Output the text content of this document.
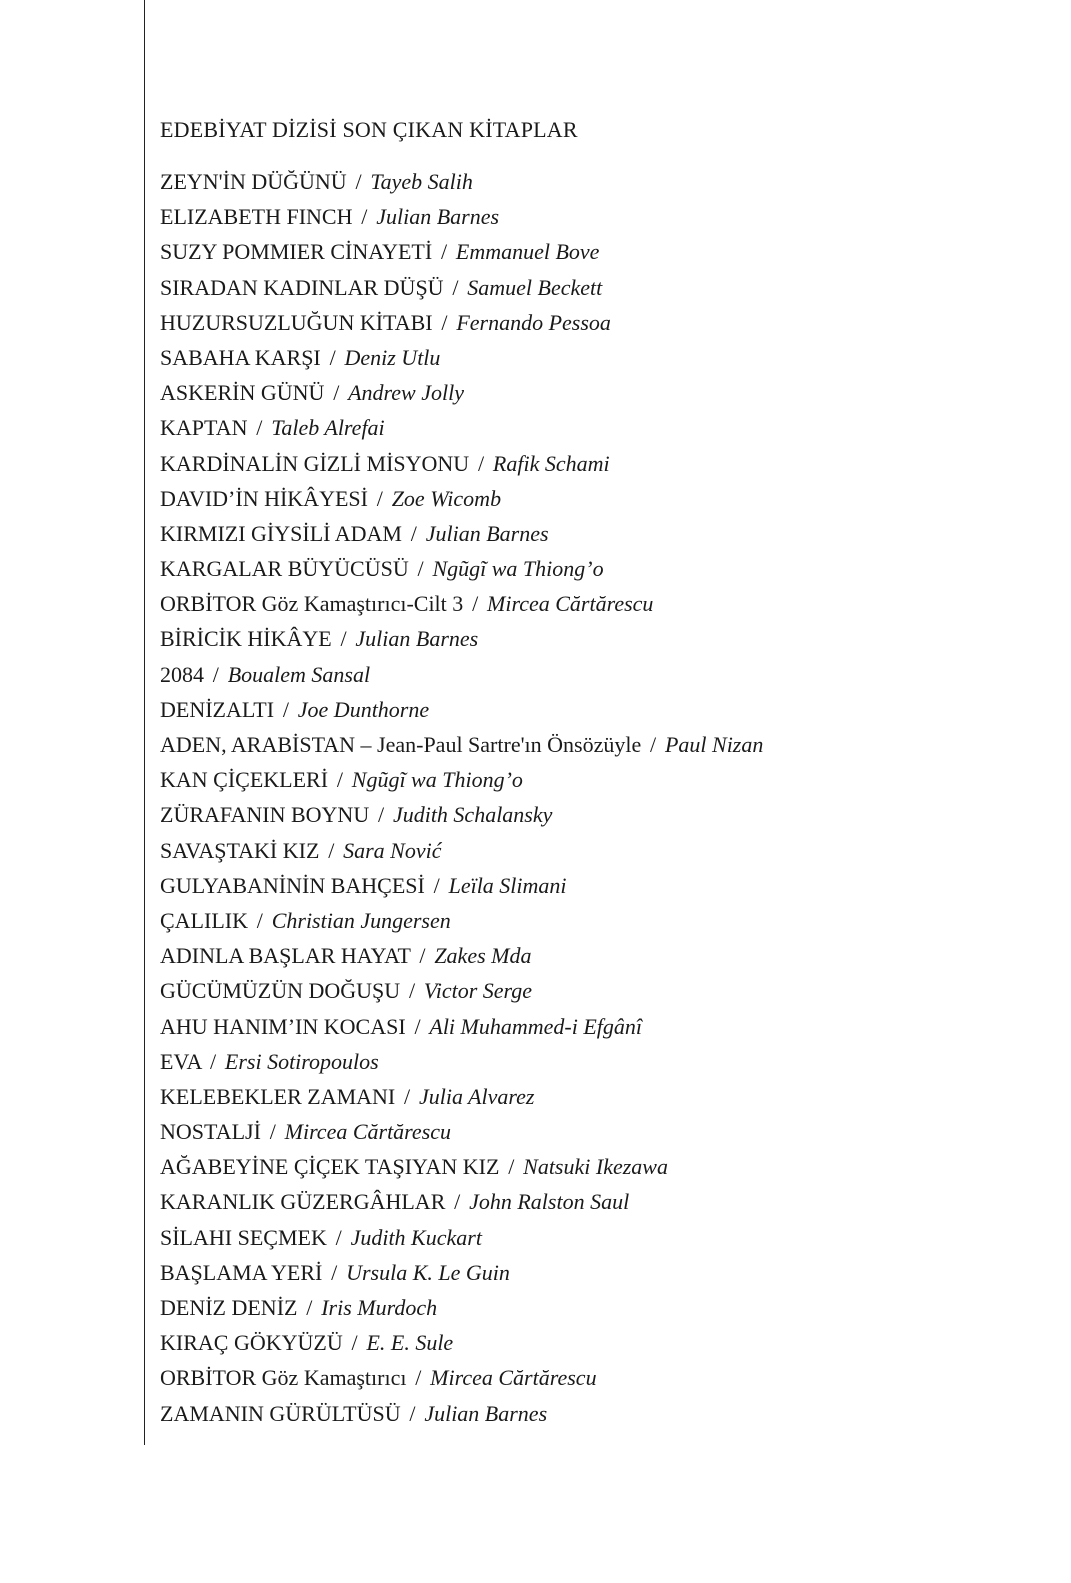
EDEBİYAT DİZİSİ SON ÇIKAN KİTAPLAR
ZEYN'İN DÜĞÜNÜ / Tayeb Salih
ELIZABETH FINCH / Julian Barnes
SUZY POMMIER CİNAYETİ / Emmanuel Bove
SIRADAN KADINLAR DÜŞÜ / Samuel Beckett
HUZURSUZLUĞUN KİTABI / Fernando Pessoa
SABAHA KARŞI / Deniz Utlu
ASKERİN GÜNÜ / Andrew Jolly
KAPTAN / Taleb Alrefai
KARDİNALİN GİZLİ MİSYONU / Rafik Schami
DAVID’İN HİKÂYESİ / Zoe Wicomb
KIRMIZI GİYSİLİ ADAM / Julian Barnes
KARGALAR BÜYÜCÜSÜ / Ngũgĩ wa Thiong’o
ORBİTOR Göz Kamaştırıcı-Cilt 3 / Mircea Cărtărescu
BİRİCİK HİKÂYE / Julian Barnes
2084 / Boualem Sansal
DENİZALTI / Joe Dunthorne
ADEN, ARABİSTAN – Jean-Paul Sartre'ın Önsözüyle / Paul Nizan
KAN ÇİÇEKLERİ / Ngũgĩ wa Thiong’o
ZÜRAFANIN BOYNU / Judith Schalansky
SAVAŞTAKİ KIZ / Sara Nović
GULYABANİNİN BAHÇESİ / Leïla Slimani
ÇALILIK / Christian Jungersen
ADINLA BAŞLAR HAYAT / Zakes Mda
GÜCÜMÜZÜN DOĞUŞU / Victor Serge
AHU HANIM’IN KOCASI / Ali Muhammed-i Efgânî
EVA / Ersi Sotiropoulos
KELEBEKLER ZAMANI / Julia Alvarez
NOSTALJİ / Mircea Cărtărescu
AĞABEYİNE ÇİÇEK TAŞIYAN KIZ / Natsuki Ikezawa
KARANLIK GÜZERGÂHLAR / John Ralston Saul
SİLAHI SEÇMEK / Judith Kuckart
BAŞLAMA YERİ / Ursula K. Le Guin
DENİZ DENİZ / Iris Murdoch
KIRAÇ GÖKYÜZÜ / E. E. Sule
ORBİTOR Göz Kamaştırıcı / Mircea Cărtărescu
ZAMANIN GÜRÜLTÜSÜ / Julian Barnes
